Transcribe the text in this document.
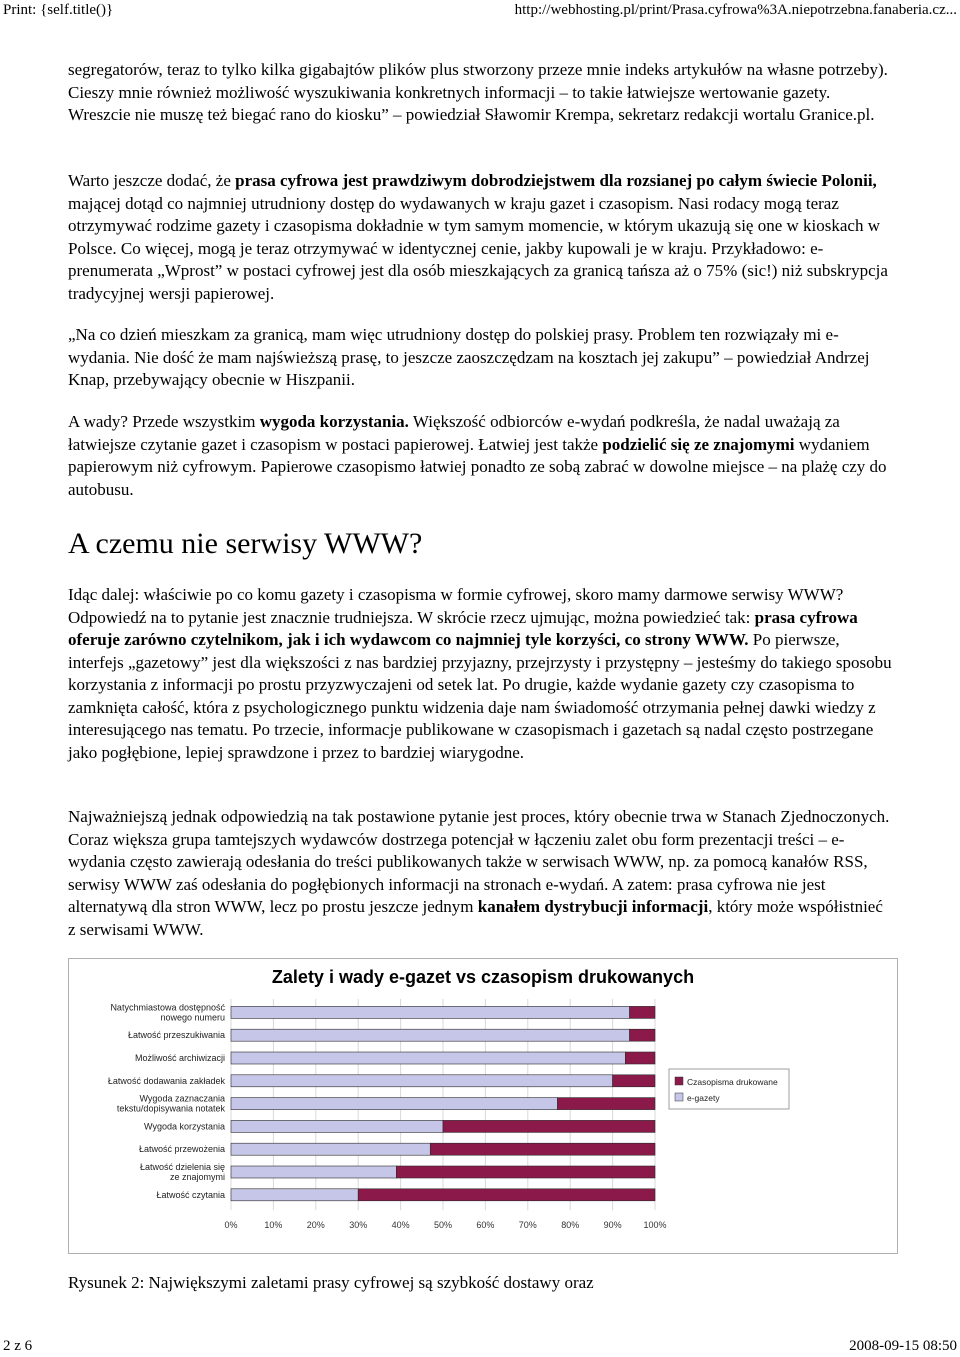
Print: {self.title()}	http://webhosting.pl/print/Prasa.cyfrowa%3A.niepotrzebna.fanaberia.cz...

segregatorów, teraz to tylko kilka gigabajtów plików plus stworzony przeze mnie indeks artykułów na własne potrzeby). Cieszy mnie również możliwość wyszukiwania konkretnych informacji – to takie łatwiejsze wertowanie gazety. Wreszcie nie muszę też biegać rano do kiosku” – powiedział Sławomir Krempa, sekretarz redakcji wortalu Granice.pl.

Warto jeszcze dodać, że prasa cyfrowa jest prawdziwym dobrodziejstwem dla rozsianej po całym świecie Polonii, mającej dotąd co najmniej utrudniony dostęp do wydawanych w kraju gazet i czasopism. Nasi rodacy mogą teraz otrzymywać rodzime gazety i czasopisma dokładnie w tym samym momencie, w którym ukazują się one w kioskach w Polsce. Co więcej, mogą je teraz otrzymywać w identycznej cenie, jakby kupowali je w kraju. Przykładowo: e-prenumerata „Wprost” w postaci cyfrowej jest dla osób mieszkających za granicą tańsza aż o 75% (sic!) niż subskrypcja tradycyjnej wersji papierowej.

„Na co dzień mieszkam za granicą, mam więc utrudniony dostęp do polskiej prasy. Problem ten rozwiązały mi e-wydania. Nie dość że mam najświeższą prasę, to jeszcze zaoszczędzam na kosztach jej zakupu” – powiedział Andrzej Knap, przebywający obecnie w Hiszpanii.

A wady? Przede wszystkim wygoda korzystania. Większość odbiorców e-wydań podkreśla, że nadal uważają za łatwiejsze czytanie gazet i czasopism w postaci papierowej. Łatwiej jest także podzielić się ze znajomymi wydaniem papierowym niż cyfrowym. Papierowe czasopismo łatwiej ponadto ze sobą zabrać w dowolne miejsce – na plażę czy do autobusu.

A czemu nie serwisy WWW?

Idąc dalej: właściwie po co komu gazety i czasopisma w formie cyfrowej, skoro mamy darmowe serwisy WWW? Odpowiedź na to pytanie jest znacznie trudniejsza. W skrócie rzecz ujmując, można powiedzieć tak: prasa cyfrowa oferuje zarówno czytelnikom, jak i ich wydawcom co najmniej tyle korzyści, co strony WWW. Po pierwsze, interfejs „gazetowy” jest dla większości z nas bardziej przyjazny, przejrzysty i przystępny – jesteśmy do takiego sposobu korzystania z informacji po prostu przyzwyczajeni od setek lat. Po drugie, każde wydanie gazety czy czasopisma to zamknięta całość, która z psychologicznego punktu widzenia daje nam świadomość otrzymania pełnej dawki wiedzy z interesującego nas tematu. Po trzecie, informacje publikowane w czasopismach i gazetach są nadal często postrzegane jako pogłębione, lepiej sprawdzone i przez to bardziej wiarygodne.

Najważniejszą jednak odpowiedzią na tak postawione pytanie jest proces, który obecnie trwa w Stanach Zjednoczonych. Coraz większa grupa tamtejszych wydawców dostrzega potencjał w łączeniu zalet obu form prezentacji treści – e-wydania często zawierają odesłania do treści publikowanych także w serwisach WWW, np. za pomocą kanałów RSS, serwisy WWW zaś odesłania do pogłębionych informacji na stronach e-wydań. A zatem: prasa cyfrowa nie jest alternatywą dla stron WWW, lecz po prostu jeszcze jednym kanałem dystrybucji informacji, który może współistnieć z serwisami WWW.

Zalety i wady e-gazet vs czasopism drukowanych
0%	10%	20%	30%	40%	50%	60%	70%	80%	90% 100%
Natychmiastowa dostępność nowego numeru
Łatwość przeszukiwania
Możliwość archiwizacji
Łatwość dodawania zakładek
Wygoda zaznaczania tekstu/dopisywania notatek
Wygoda korzystania
Łatwość przewożenia
Łatwość dzielenia się ze znajomymi
Łatwość czytania
Czasopisma drukowane
e-gazety
Rysunek 2: Największymi zaletami prasy cyfrowej są szybkość dostawy oraz
2 z 6	2008-09-15 08:50
